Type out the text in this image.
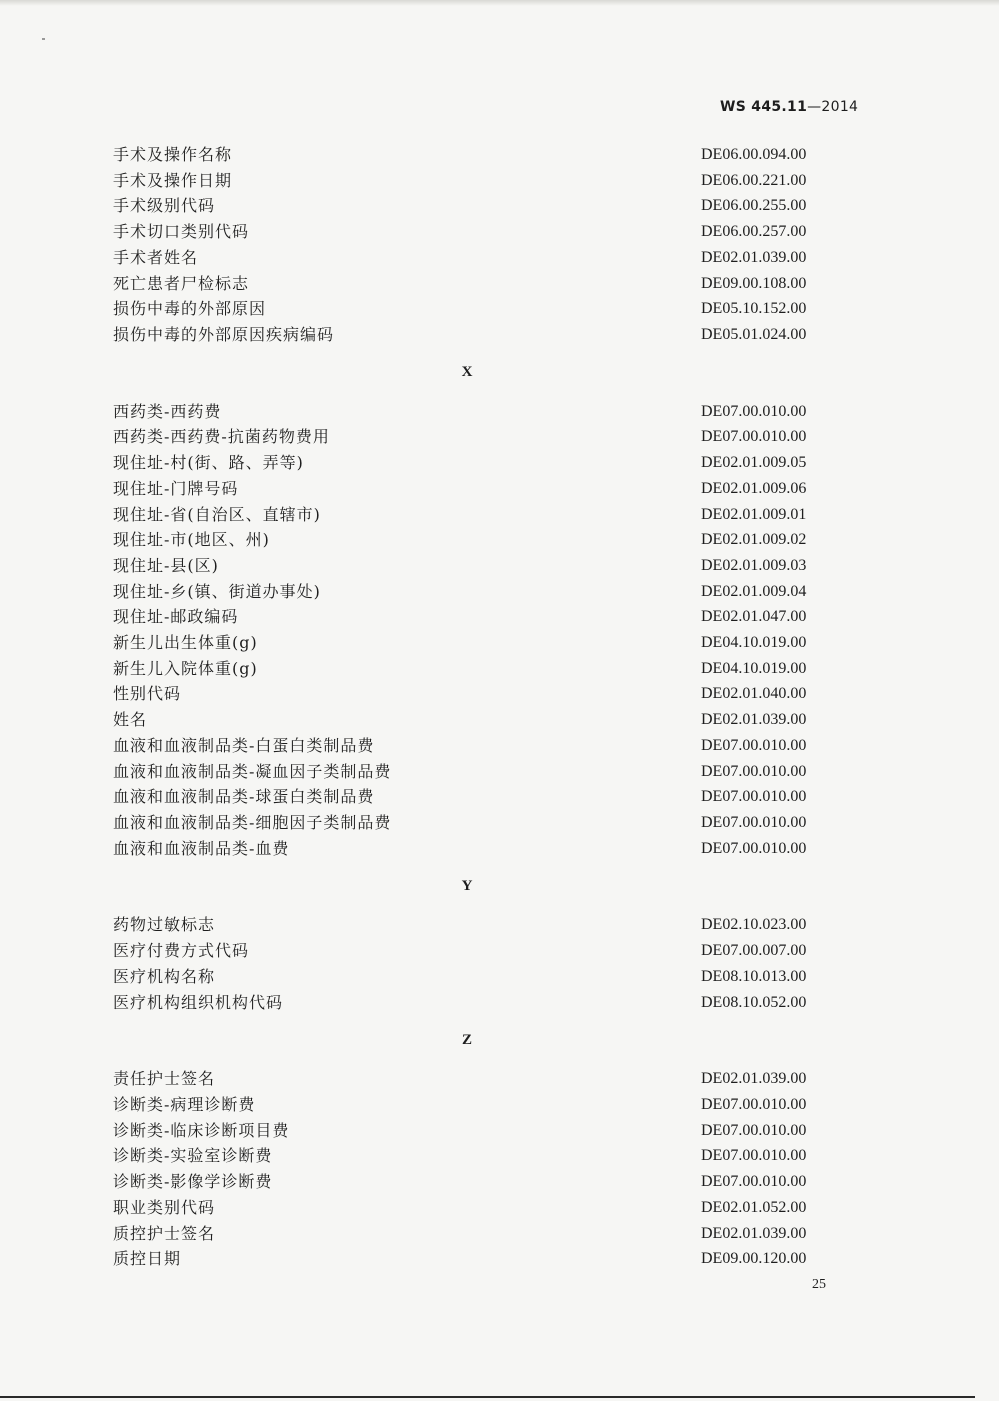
WS 445.11—2014
手术及操作名称	DE06.00.094.00
手术及操作日期	DE06.00.221.00
手术级别代码	DE06.00.255.00
手术切口类别代码	DE06.00.257.00
手术者姓名	DE02.01.039.00
死亡患者尸检标志	DE09.00.108.00
损伤中毒的外部原因	DE05.10.152.00
损伤中毒的外部原因疾病编码	DE05.01.024.00
X
西药类-西药费	DE07.00.010.00
西药类-西药费-抗菌药物费用	DE07.00.010.00
现住址-村(街、路、弄等)	DE02.01.009.05
现住址-门牌号码	DE02.01.009.06
现住址-省(自治区、直辖市)	DE02.01.009.01
现住址-市(地区、州)	DE02.01.009.02
现住址-县(区)	DE02.01.009.03
现住址-乡(镇、街道办事处)	DE02.01.009.04
现住址-邮政编码	DE02.01.047.00
新生儿出生体重(g)	DE04.10.019.00
新生儿入院体重(g)	DE04.10.019.00
性别代码	DE02.01.040.00
姓名	DE02.01.039.00
血液和血液制品类-白蛋白类制品费	DE07.00.010.00
血液和血液制品类-凝血因子类制品费	DE07.00.010.00
血液和血液制品类-球蛋白类制品费	DE07.00.010.00
血液和血液制品类-细胞因子类制品费	DE07.00.010.00
血液和血液制品类-血费	DE07.00.010.00
Y
药物过敏标志	DE02.10.023.00
医疗付费方式代码	DE07.00.007.00
医疗机构名称	DE08.10.013.00
医疗机构组织机构代码	DE08.10.052.00
Z
责任护士签名	DE02.01.039.00
诊断类-病理诊断费	DE07.00.010.00
诊断类-临床诊断项目费	DE07.00.010.00
诊断类-实验室诊断费	DE07.00.010.00
诊断类-影像学诊断费	DE07.00.010.00
职业类别代码	DE02.01.052.00
质控护士签名	DE02.01.039.00
质控日期	DE09.00.120.00
25
